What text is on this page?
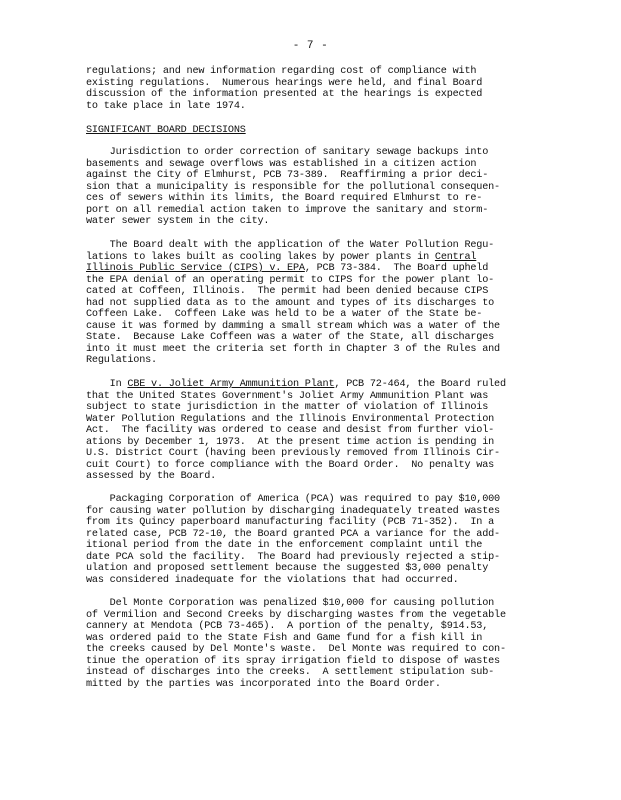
- 7 -
regulations; and new information regarding cost of compliance with
existing regulations.  Numerous hearings were held, and final Board
discussion of the information presented at the hearings is expected
to take place in late 1974.
SIGNIFICANT BOARD DECISIONS
Jurisdiction to order correction of sanitary sewage backups into
basements and sewage overflows was established in a citizen action
against the City of Elmhurst, PCB 73-389.  Reaffirming a prior deci-
sion that a municipality is responsible for the pollutional consequen-
ces of sewers within its limits, the Board required Elmhurst to re-
port on all remedial action taken to improve the sanitary and storm-
water sewer system in the city.
The Board dealt with the application of the Water Pollution Regu-
lations to lakes built as cooling lakes by power plants in Central
Illinois Public Service (CIPS) v. EPA, PCB 73-384.  The Board upheld
the EPA denial of an operating permit to CIPS for the power plant lo-
cated at Coffeen, Illinois.  The permit had been denied because CIPS
had not supplied data as to the amount and types of its discharges to
Coffeen Lake.  Coffeen Lake was held to be a water of the State be-
cause it was formed by damming a small stream which was a water of the
State.  Because Lake Coffeen was a water of the State, all discharges
into it must meet the criteria set forth in Chapter 3 of the Rules and
Regulations.
In CBE v. Joliet Army Ammunition Plant, PCB 72-464, the Board ruled
that the United States Government's Joliet Army Ammunition Plant was
subject to state jurisdiction in the matter of violation of Illinois
Water Pollution Regulations and the Illinois Environmental Protection
Act.  The facility was ordered to cease and desist from further viol-
ations by December 1, 1973.  At the present time action is pending in
U.S. District Court (having been previously removed from Illinois Cir-
cuit Court) to force compliance with the Board Order.  No penalty was
assessed by the Board.
Packaging Corporation of America (PCA) was required to pay $10,000
for causing water pollution by discharging inadequately treated wastes
from its Quincy paperboard manufacturing facility (PCB 71-352).  In a
related case, PCB 72-10, the Board granted PCA a variance for the add-
itional period from the date in the enforcement complaint until the
date PCA sold the facility.  The Board had previously rejected a stip-
ulation and proposed settlement because the suggested $3,000 penalty
was considered inadequate for the violations that had occurred.
Del Monte Corporation was penalized $10,000 for causing pollution
of Vermilion and Second Creeks by discharging wastes from the vegetable
cannery at Mendota (PCB 73-465).  A portion of the penalty, $914.53,
was ordered paid to the State Fish and Game fund for a fish kill in
the creeks caused by Del Monte's waste.  Del Monte was required to con-
tinue the operation of its spray irrigation field to dispose of wastes
instead of discharges into the creeks.  A settlement stipulation sub-
mitted by the parties was incorporated into the Board Order.
